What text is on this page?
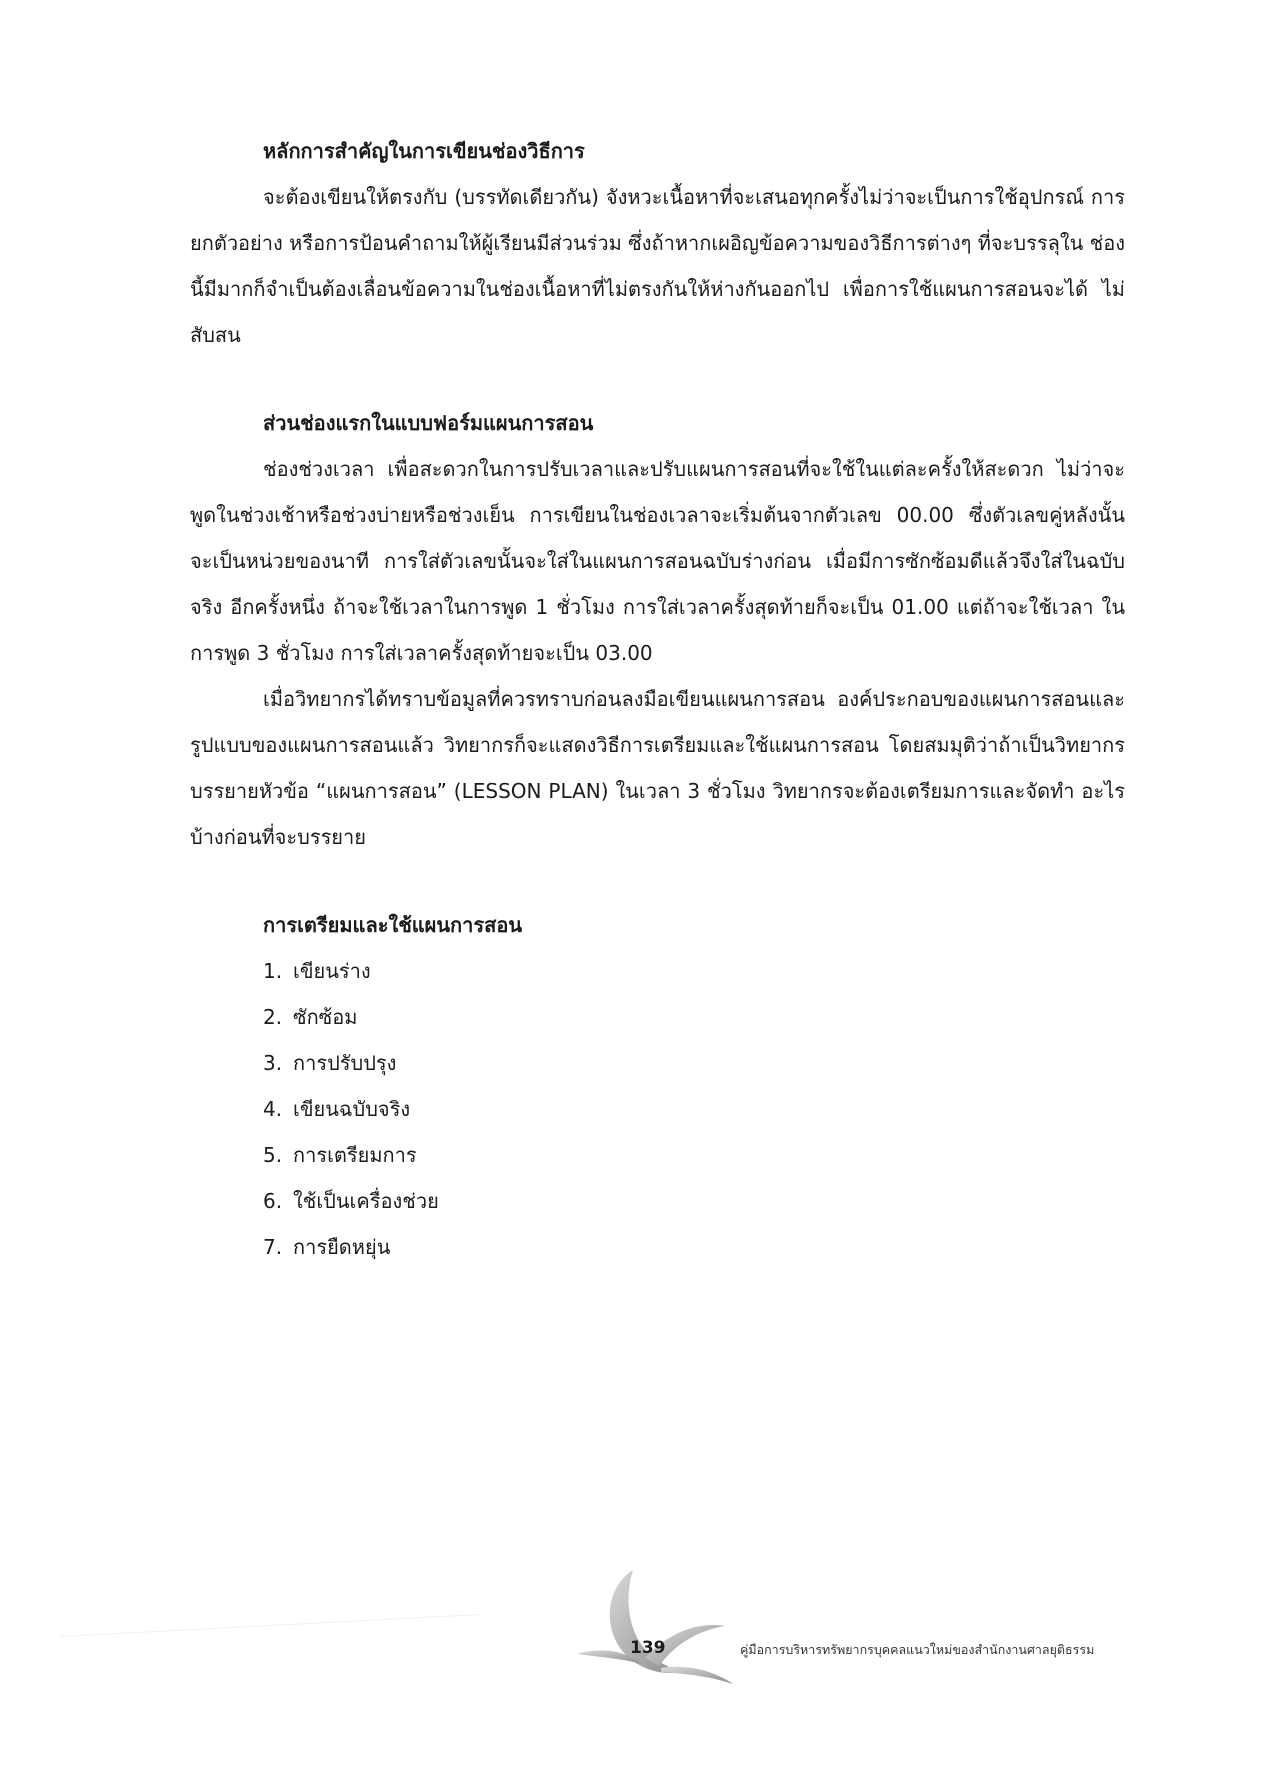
หลักการสำคัญในการเขียนช่องวิธีการ

จะต้องเขียนให้ตรงกับ (บรรทัดเดียวกัน) จังหวะเนื้อหาที่จะเสนอทุกครั้งไม่ว่าจะเป็นการใช้อุปกรณ์ การยกตัวอย่าง หรือการป้อนคำถามให้ผู้เรียนมีส่วนร่วม ซึ่งถ้าหากเผอิญข้อความของวิธีการต่างๆ ที่จะบรรลุใน ช่องนี้มีมากก็จำเป็นต้องเลื่อนข้อความในช่องเนื้อหาที่ไม่ตรงกันให้ห่างกันออกไป เพื่อการใช้แผนการสอนจะได้ ไม่สับสน

ส่วนช่องแรกในแบบฟอร์มแผนการสอน

ช่องช่วงเวลา เพื่อสะดวกในการปรับเวลาและปรับแผนการสอนที่จะใช้ในแต่ละครั้งให้สะดวก ไม่ว่าจะ พูดในช่วงเช้าหรือช่วงบ่ายหรือช่วงเย็น การเขียนในช่องเวลาจะเริ่มต้นจากตัวเลข 00.00 ซึ่งตัวเลขคู่หลังนั้น จะเป็นหน่วยของนาที การใส่ตัวเลขนั้นจะใส่ในแผนการสอนฉบับร่างก่อน เมื่อมีการซักซ้อมดีแล้วจึงใส่ในฉบับจริง อีกครั้งหนึ่ง ถ้าจะใช้เวลาในการพูด 1 ชั่วโมง การใส่เวลาครั้งสุดท้ายก็จะเป็น 01.00 แต่ถ้าจะใช้เวลา ในการพูด 3 ชั่วโมง การใส่เวลาครั้งสุดท้ายจะเป็น 03.00

เมื่อวิทยากรได้ทราบข้อมูลที่ควรทราบก่อนลงมือเขียนแผนการสอน องค์ประกอบของแผนการสอนและ รูปแบบของแผนการสอนแล้ว วิทยากรก็จะแสดงวิธีการเตรียมและใช้แผนการสอน โดยสมมุติว่าถ้าเป็นวิทยากร บรรยายหัวข้อ “แผนการสอน” (LESSON PLAN) ในเวลา 3 ชั่วโมง วิทยากรจะต้องเตรียมการและจัดทำ อะไรบ้างก่อนที่จะบรรยาย

การเตรียมและใช้แผนการสอน
1. เขียนร่าง
2. ซักซ้อม
3. การปรับปรุง
4. เขียนฉบับจริง
5. การเตรียมการ
6. ใช้เป็นเครื่องช่วย
7. การยืดหยุ่น
139	คู่มือการบริหารทรัพยากรบุคคลแนวใหม่ของสำนักงานศาลยุติธรรม
